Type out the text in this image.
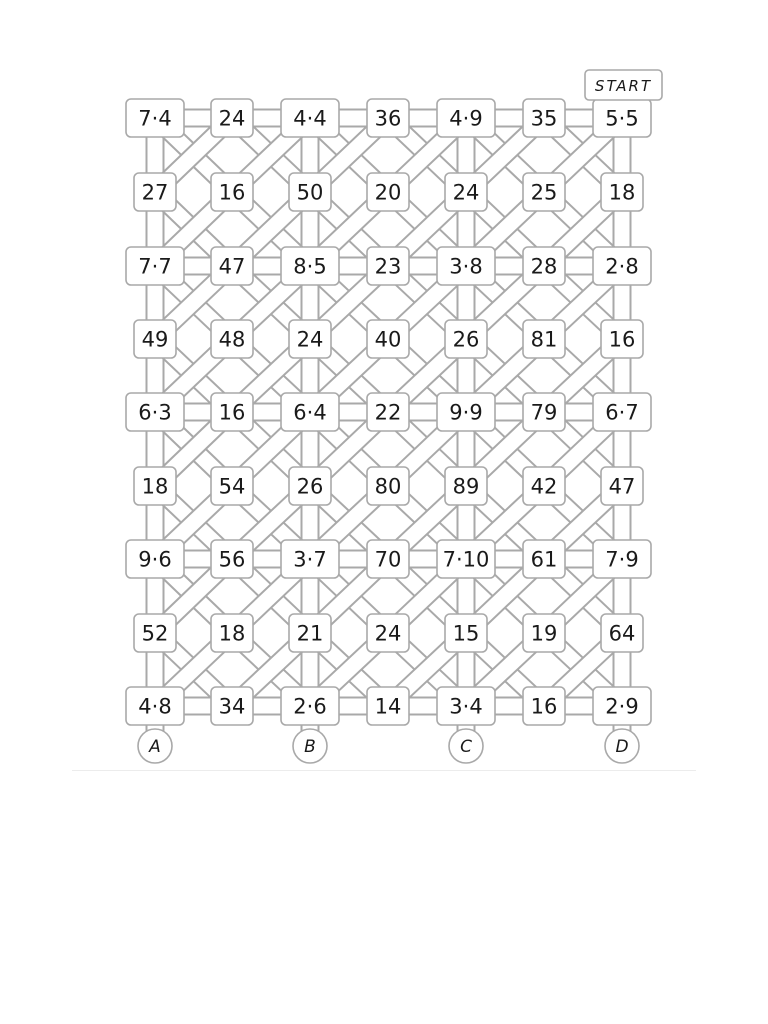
7·4 24 4·4 36 4·9 35 5·5
27 16 50 20 24 25 18
7·7 47 8·5 23 3·8 28 2·8
49 48 24 40 26 81 16
6·3 16 6·4 22 9·9 79 6·7
18 54 26 80 89 42 47
9·6 56 3·7 70 7·10 61 7·9
52 18 21 24 15 19 64
4·8 34 2·6 14 3·4 16 2·9
START
A	B	C	D
